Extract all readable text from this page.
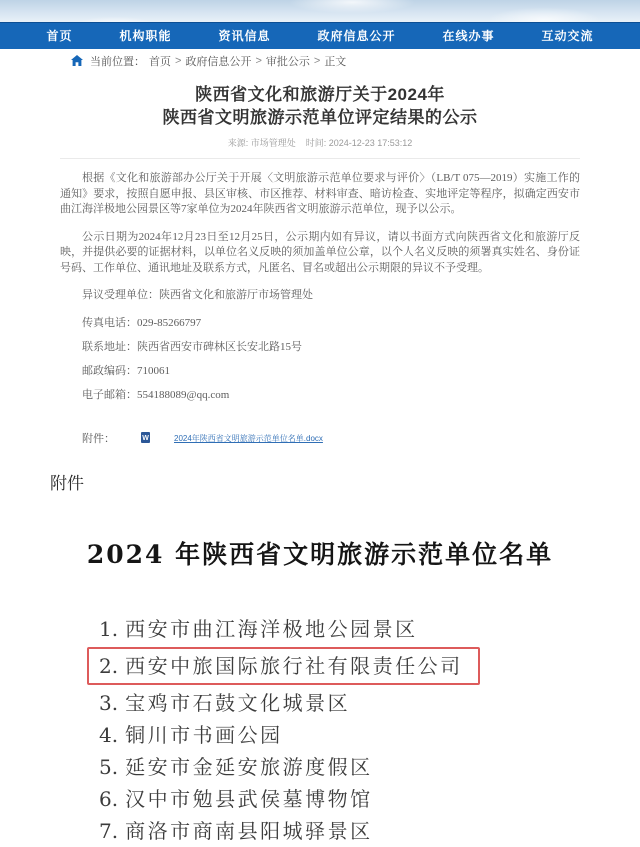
首页	机构职能	资讯信息	政府信息公开	在线办事	互动交流
当前位置： 首页 > 政府信息公开 > 审批公示 > 正文
陕西省文化和旅游厅关于2024年
陕西省文明旅游示范单位评定结果的公示
来源: 市场管理处 时间: 2024-12-23 17:53:12

根据《文化和旅游部办公厅关于开展〈文明旅游示范单位要求与评价〉（LB/T 075—2019）实施工作的通知》要求，按照自愿申报、县区审核、市区推荐、材料审查、暗访检查、实地评定等程序，拟确定西安市曲江海洋极地公园景区等7家单位为2024年陕西省文明旅游示范单位，现予以公示。

公示日期为2024年12月23日至12月25日，公示期内如有异议，请以书面方式向陕西省文化和旅游厅反映，并提供必要的证据材料，以单位名义反映的须加盖单位公章，以个人名义反映的须署真实姓名、身份证号码、工作单位、通讯地址及联系方式，凡匿名、冒名或超出公示期限的异议不予受理。

异议受理单位：陕西省文化和旅游厅市场管理处

传真电话：029-85266797

联系地址：陕西省西安市碑林区长安北路15号

邮政编码：710061

电子邮箱：554188089@qq.com

附件：	W	2024年陕西省文明旅游示范单位名单.docx
附件
2024 年陕西省文明旅游示范单位名单
1. 西安市曲江海洋极地公园景区
2. 西安中旅国际旅行社有限责任公司
3. 宝鸡市石鼓文化城景区
4. 铜川市书画公园
5. 延安市金延安旅游度假区
6. 汉中市勉县武侯墓博物馆
7. 商洛市商南县阳城驿景区
